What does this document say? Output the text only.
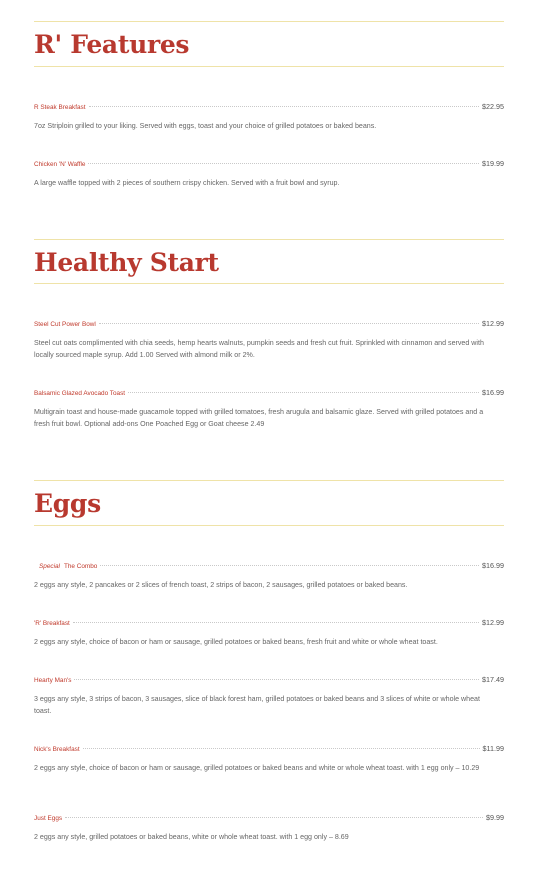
R' Features
R Steak Breakfast	$22.95

7oz Striploin grilled to your liking. Served with eggs, toast and your choice of grilled potatoes or baked beans.

Chicken 'N' Waffle	$19.99

A large waffle topped with 2 pieces of southern crispy chicken. Served with a fruit bowl and syrup.

Healthy Start
Steel Cut Power Bowl	$12.99

Steel cut oats complimented with chia seeds, hemp hearts walnuts, pumpkin seeds and fresh cut fruit. Sprinkled with cinnamon and served with locally sourced maple syrup. Add 1.00 Served with almond milk or 2%.

Balsamic Glazed Avocado Toast	$16.99

Multigrain toast and house-made guacamole topped with grilled tomatoes, fresh arugula and balsamic glaze. Served with grilled potatoes and a fresh fruit bowl. Optional add-ons One Poached Egg or Goat cheese 2.49

Eggs
Special The Combo	$16.99

2 eggs any style, 2 pancakes or 2 slices of french toast, 2 strips of bacon, 2 sausages, grilled potatoes or baked beans.

'R' Breakfast	$12.99

2 eggs any style, choice of bacon or ham or sausage, grilled potatoes or baked beans, fresh fruit and white or whole wheat toast.

Hearty Man's	$17.49

3 eggs any style, 3 strips of bacon, 3 sausages, slice of black forest ham, grilled potatoes or baked beans and 3 slices of white or whole wheat toast.

Nick's Breakfast	$11.99

2 eggs any style, choice of bacon or ham or sausage, grilled potatoes or baked beans and white or whole wheat toast. with 1 egg only – 10.29

Just Eggs	$9.99

2 eggs any style, grilled potatoes or baked beans, white or whole wheat toast. with 1 egg only – 8.69
